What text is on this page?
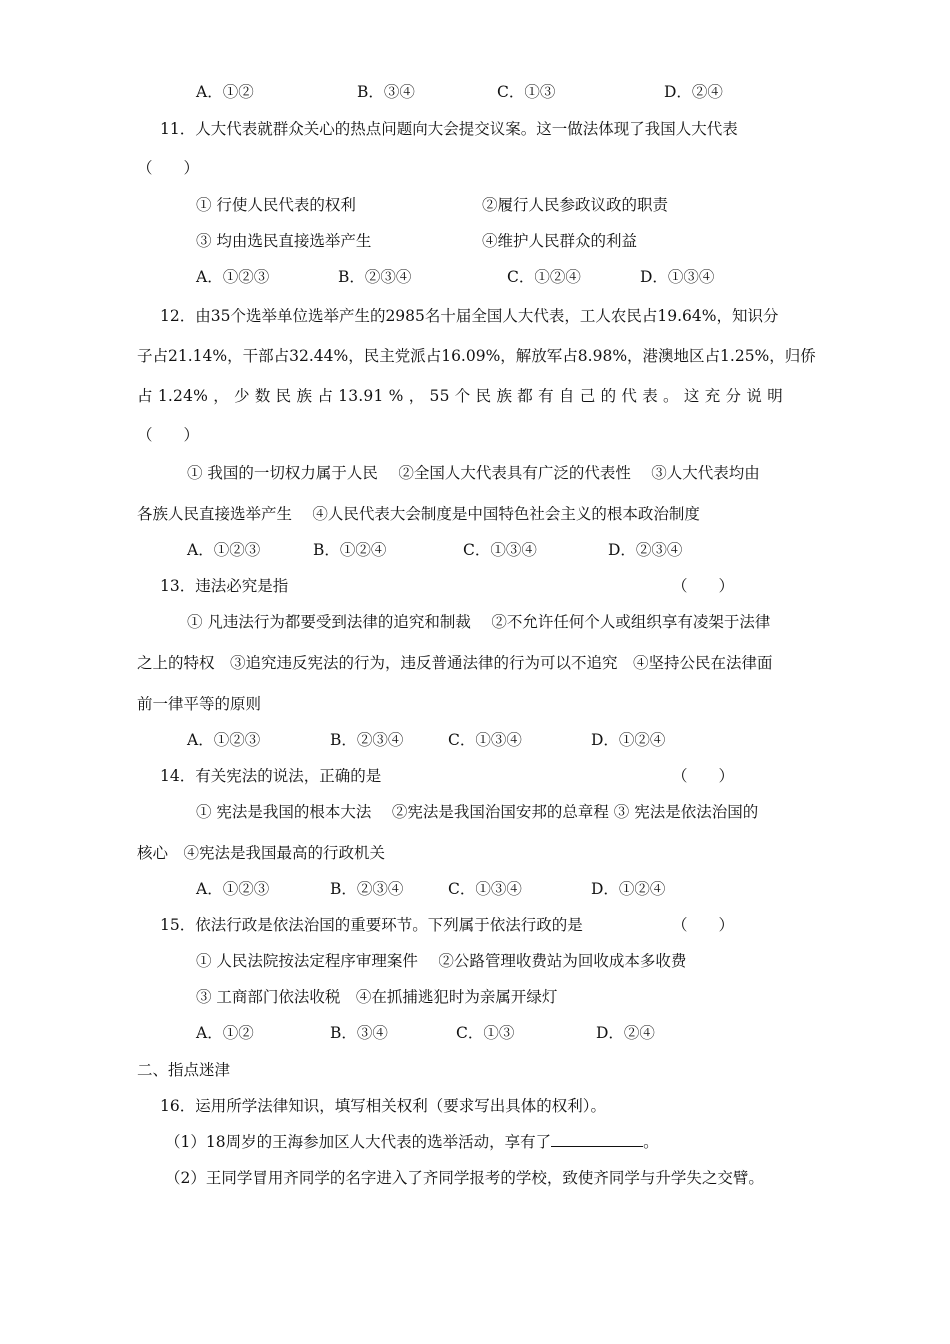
A．①②	B．③④	C．①③	D．②④
11．人大代表就群众关心的热点问题向大会提交议案。这一做法体现了我国人大代表
（　　）
① 行使人民代表的权利	②履行人民参政议政的职责
③ 均由选民直接选举产生	④维护人民群众的利益
A．①②③	B．②③④	C．①②④	D．①③④
12．由35个选举单位选举产生的2985名十届全国人大代表，工人农民占19.64%，知识分
子占21.14%，干部占32.44%，民主党派占16.09%，解放军占8.98%，港澳地区占1.25%，归侨
占 1.24% ， 少 数 民 族 占 13.91 % ， 55 个 民 族 都 有 自 己 的 代 表 。 这 充 分 说 明
（　　）
① 我国的一切权力属于人民　 ②全国人大代表具有广泛的代表性　 ③人大代表均由
各族人民直接选举产生　 ④人民代表大会制度是中国特色社会主义的根本政治制度
A．①②③	B．①②④	C．①③④	D．②③④
13．违法必究是指	（　　）
① 凡违法行为都要受到法律的追究和制裁　 ②不允许任何个人或组织享有凌架于法律
之上的特权　③追究违反宪法的行为，违反普通法律的行为可以不追究　④坚持公民在法律面
前一律平等的原则
A．①②③	B．②③④	C．①③④	D．①②④
14．有关宪法的说法，正确的是	（　　）
① 宪法是我国的根本大法　 ②宪法是我国治国安邦的总章程 ③ 宪法是依法治国的
核心　④宪法是我国最高的行政机关
A．①②③	B．②③④	C．①③④	D．①②④
15．依法行政是依法治国的重要环节。下列属于依法行政的是	（　　）
① 人民法院按法定程序审理案件　 ②公路管理收费站为回收成本多收费
③ 工商部门依法收税　④在抓捕逃犯时为亲属开绿灯
A．①②	B．③④	C．①③	D．②④
二、指点迷津
16．运用所学法律知识，填写相关权利（要求写出具体的权利）。
（1）18周岁的王海参加区人大代表的选举活动，享有了	。
（2）王同学冒用齐同学的名字进入了齐同学报考的学校，致使齐同学与升学失之交臂。
